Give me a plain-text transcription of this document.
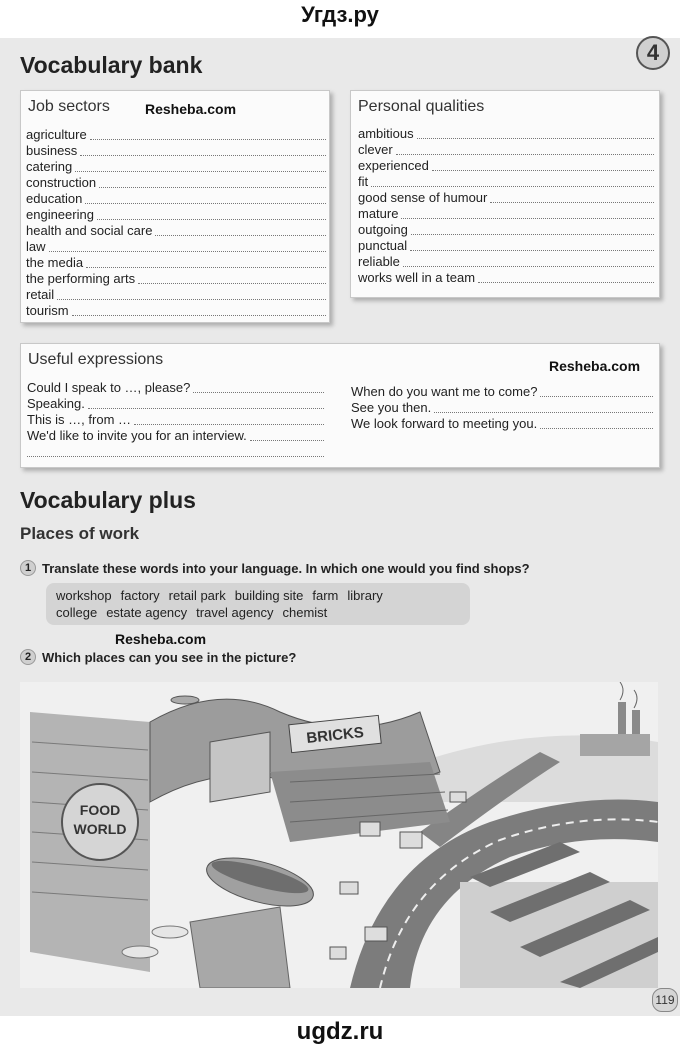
Угдз.ру
4
Vocabulary bank
Job sectors	Resheba.com
agriculture
business
catering
construction
education
engineering
health and social care
law
the media
the performing arts
retail
tourism
Personal qualities
ambitious
clever
experienced
fit
good sense of humour
mature
outgoing
punctual
reliable
works well in a team
Useful expressions	Resheba.com
Could I speak to …, please?
Speaking.
This is …, from …
We'd like to invite you for an interview.
When do you want me to come?
See you then.
We look forward to meeting you.
Vocabulary plus
Places of work
1 Translate these words into your language. In which one would you find shops?
workshop factory retail park building site farm library
college estate agency travel agency chemist
Resheba.com
2 Which places can you see in the picture?
FOOD
WORLD
BRICKS
119
ugdz.ru
